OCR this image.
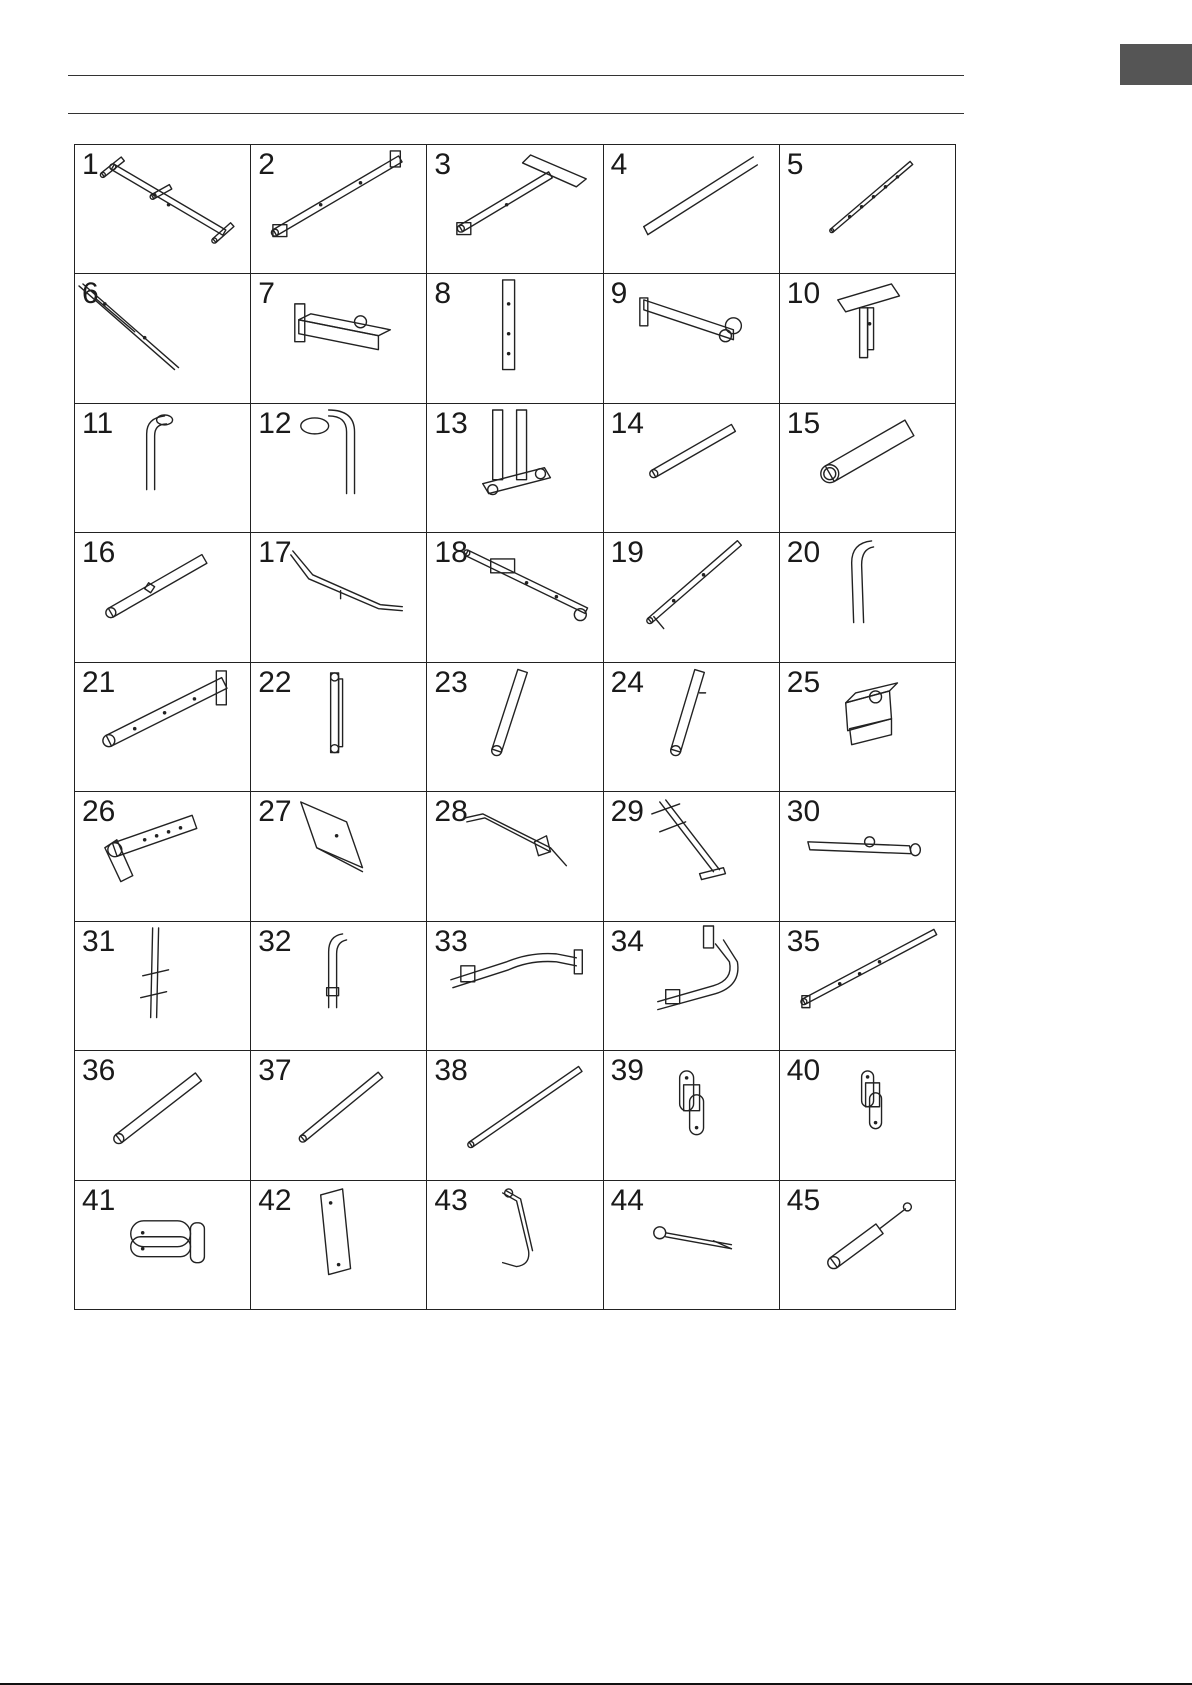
1	2	3	4	5
6	7	8	9	10
11	12	13	14	15
16	17	18	19	20
21	22	23	24	25
26	27	28	29	30
31	32	33	34	35
36	37	38	39	40
41	42	43	44	45
